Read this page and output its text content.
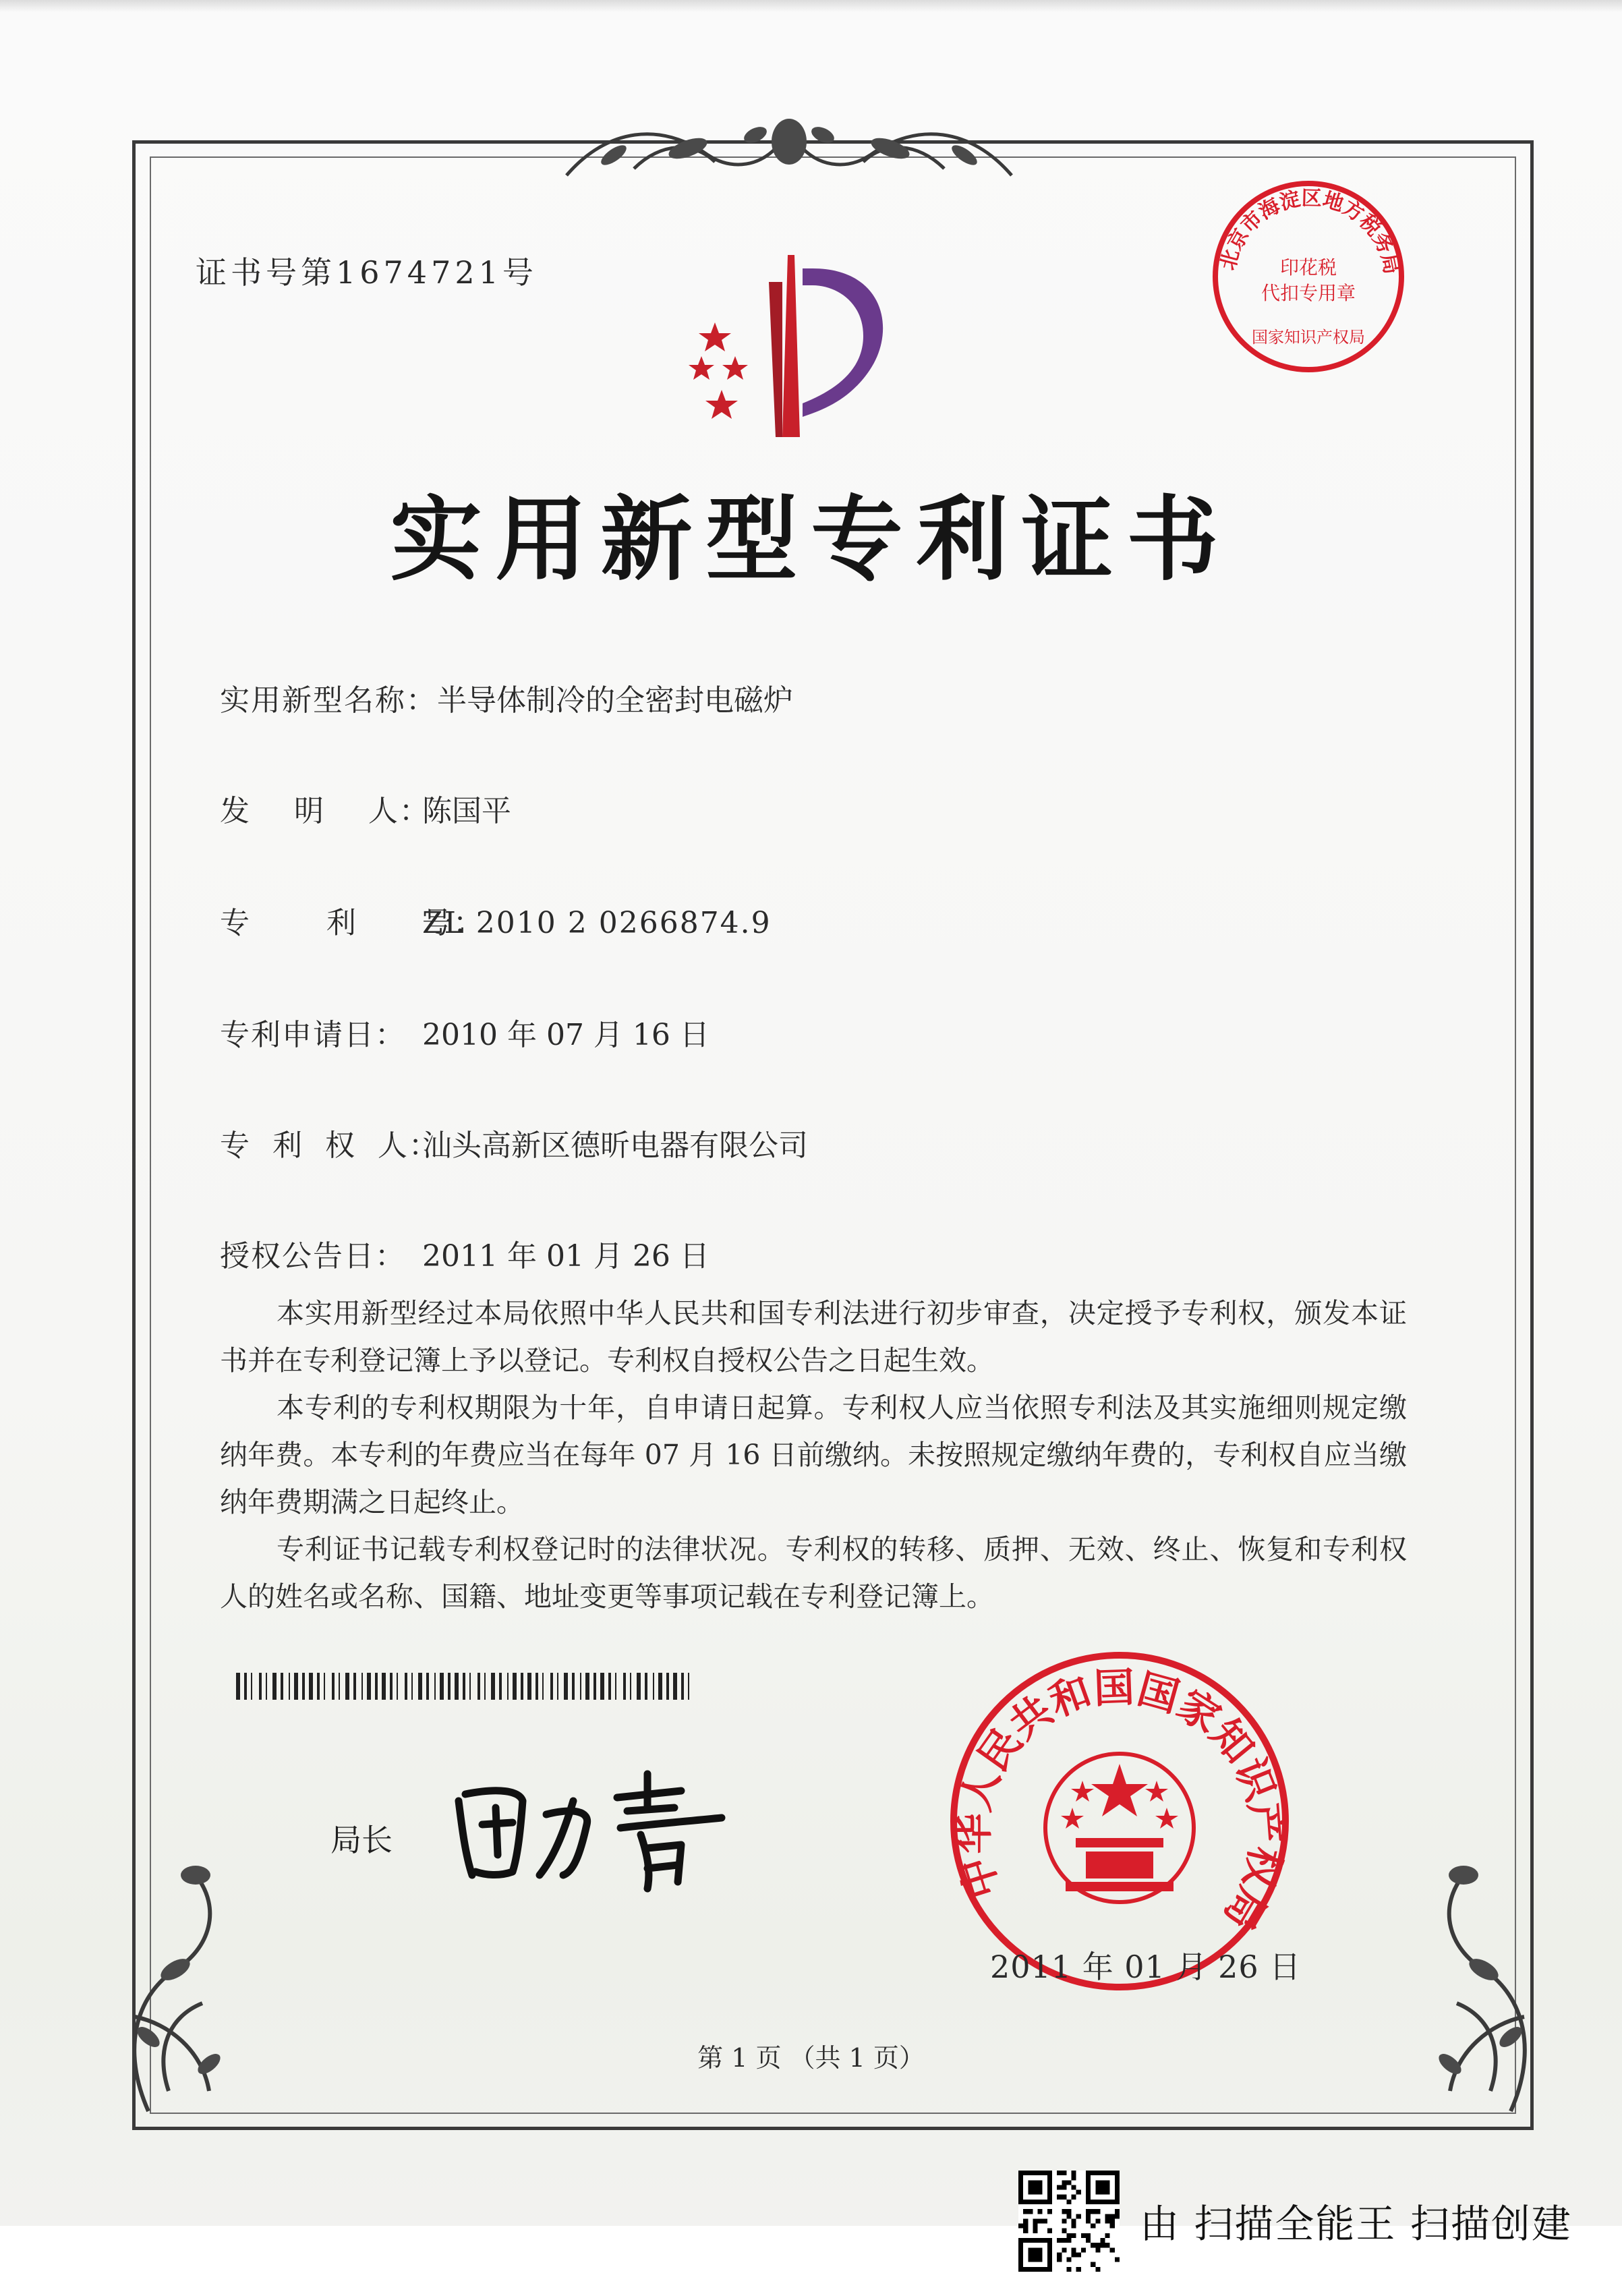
证书号第1674721号	北京市海淀区地方税务局
印花税
代扣专用章
国家知识产权局
实用新型专利证书
实用新型名称：半导体制冷的全密封电磁炉
发    明    人：陈国平
专       利      号：ZL 2010 2 0266874.9
专利申请日： 2010 年 07 月 16 日
专  利  权  人：汕头高新区德昕电器有限公司
授权公告日： 2011 年 01 月 26 日

本实用新型经过本局依照中华人民共和国专利法进行初步审查，决定授予专利权，颁发本证书并在专利登记簿上予以登记。专利权自授权公告之日起生效。

本专利的专利权期限为十年，自申请日起算。专利权人应当依照专利法及其实施细则规定缴纳年费。本专利的年费应当在每年 07 月 16 日前缴纳。未按照规定缴纳年费的，专利权自应当缴纳年费期满之日起终止。

专利证书记载专利权登记时的法律状况。专利权的转移、质押、无效、终止、恢复和专利权人的姓名或名称、国籍、地址变更等事项记载在专利登记簿上。

局长
中华人民共和国国家知识产权局
2011 年 01 月 26 日
第 1 页 （共 1 页）
由 扫描全能王 扫描创建
